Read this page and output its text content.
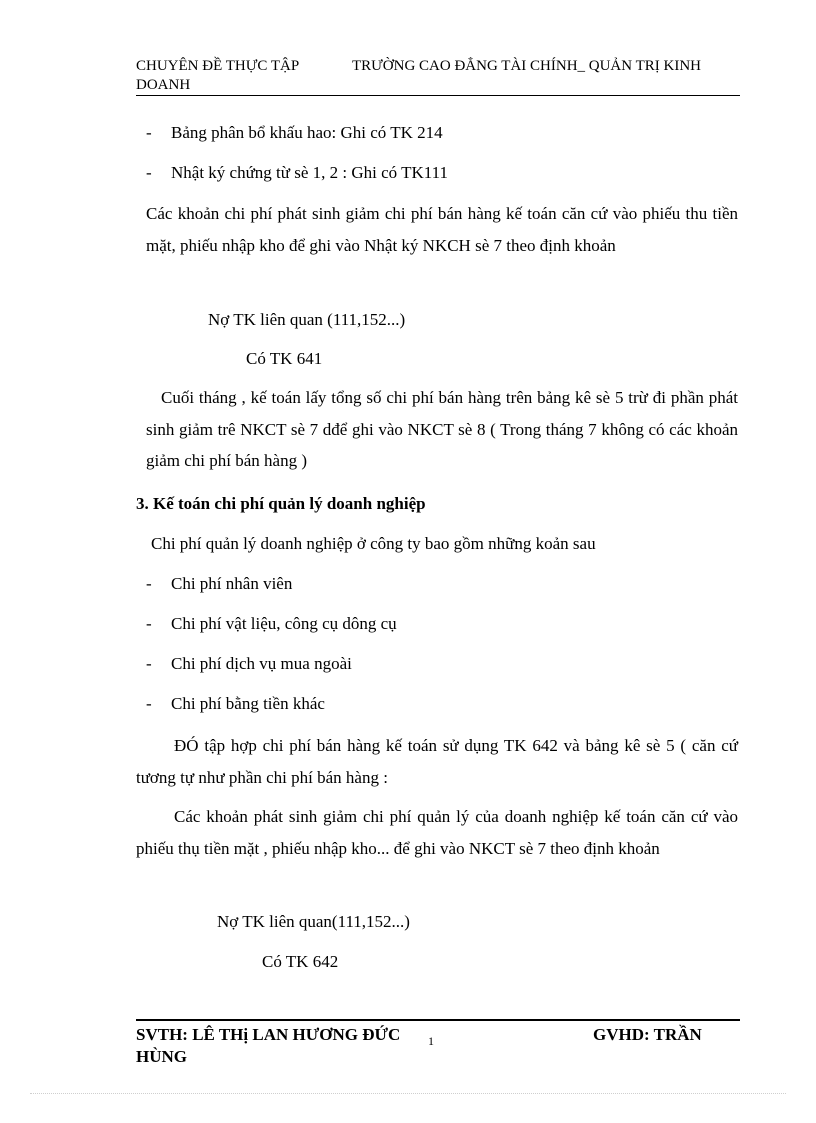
CHUYÊN ĐỀ THỰC TẬP DOANH
TRƯỜNG CAO ĐẲNG TÀI CHÍNH_ QUẢN TRỊ KINH
- Bảng phân bổ khấu hao: Ghi có TK 214
- Nhật ký chứng từ sè 1, 2 : Ghi có TK111
Các khoản chi phí phát sinh giảm chi phí bán hàng kế toán căn cứ vào phiếu thu tiền mặt, phiếu nhập kho để ghi vào Nhật ký NKCH sè 7 theo định khoản
Nợ TK liên quan (111,152...)
Có TK 641
Cuối tháng , kế toán lấy tổng số chi phí bán hàng trên bảng kê sè 5 trừ đi phần phát sinh giảm trê NKCT sè 7 dđể ghi vào NKCT sè 8 ( Trong tháng 7 không có các khoản giảm chi phí bán hàng )
3. Kế toán chi phí quản lý doanh nghiệp
Chi phí quản lý doanh nghiệp ở công ty bao gồm những koản sau
- Chi phí nhân viên
- Chi phí vật liệu, công cụ dông cụ
- Chi phí dịch vụ mua ngoài
- Chi phí bằng tiền khác
ĐÓ tập hợp chi phí bán hàng kế toán sử dụng TK 642 và bảng kê sè 5 ( căn cứ tương tự như phần chi phí bán hàng :
Các khoản phát sinh giảm chi phí quản lý của doanh nghiệp kế toán căn cứ vào phiếu thụ tiền mặt , phiếu nhập kho... để ghi vào NKCT sè 7 theo định khoản
Nợ TK liên quan(111,152...)
Có TK 642
SVTH: LÊ THị LAN HƯƠNG ĐỨC HÙNG
1	GVHD: TRẦN
